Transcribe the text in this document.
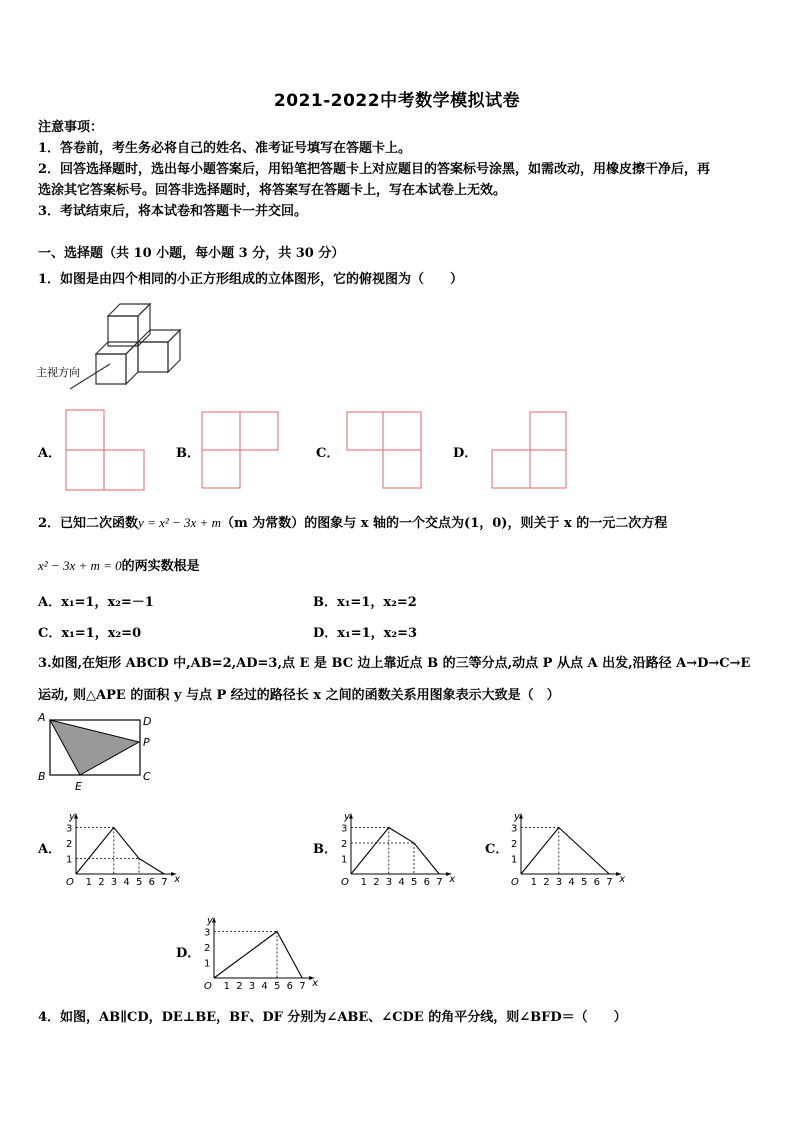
2021-2022中考数学模拟试卷
注意事项：
1．答卷前，考生务必将自己的姓名、准考证号填写在答题卡上。
2．回答选择题时，选出每小题答案后，用铅笔把答题卡上对应题目的答案标号涂黑，如需改动，用橡皮擦干净后，再
选涂其它答案标号。回答非选择题时，将答案写在答题卡上，写在本试卷上无效。
3．考试结束后，将本试卷和答题卡一并交回。
一、选择题（共 10 小题，每小题 3 分，共 30 分）
1．如图是由四个相同的小正方形组成的立体图形，它的俯视图为（　　）
主视方向
A．	B．	C．	D．
2．已知二次函数y = x² − 3x + m（m 为常数）的图象与 x 轴的一个交点为(1，0)，则关于 x 的一元二次方程
x² − 3x + m = 0的两实数根是
A．x₁=1，x₂=－1	B．x₁=1，x₂=2
C．x₁=1，x₂=0	D．x₁=1，x₂=3
3.如图,在矩形 ABCD 中,AB=2,AD=3,点 E 是 BC 边上靠近点 B 的三等分点,动点 P 从点 A 出发,沿路径 A→D→C→E
运动, 则△APE 的面积 y 与点 P 经过的路径长 x 之间的函数关系用图象表示大致是（　）
A	D
P
B	C
E
A．
y
x
O 1 2 3 4 5 6 7
1
2
3
B．
y
x
O 1 2 3 4 5 6 7
1
2
3
C．
y
x
O 1 2 3 4 5 6 7
1
2
3
D．
y
x
O 1 2 3 4 5 6 7
1
2
3
4．如图，AB∥CD，DE⊥BE，BF、DF 分别为∠ABE、∠CDE 的角平分线，则∠BFD＝（　　）
